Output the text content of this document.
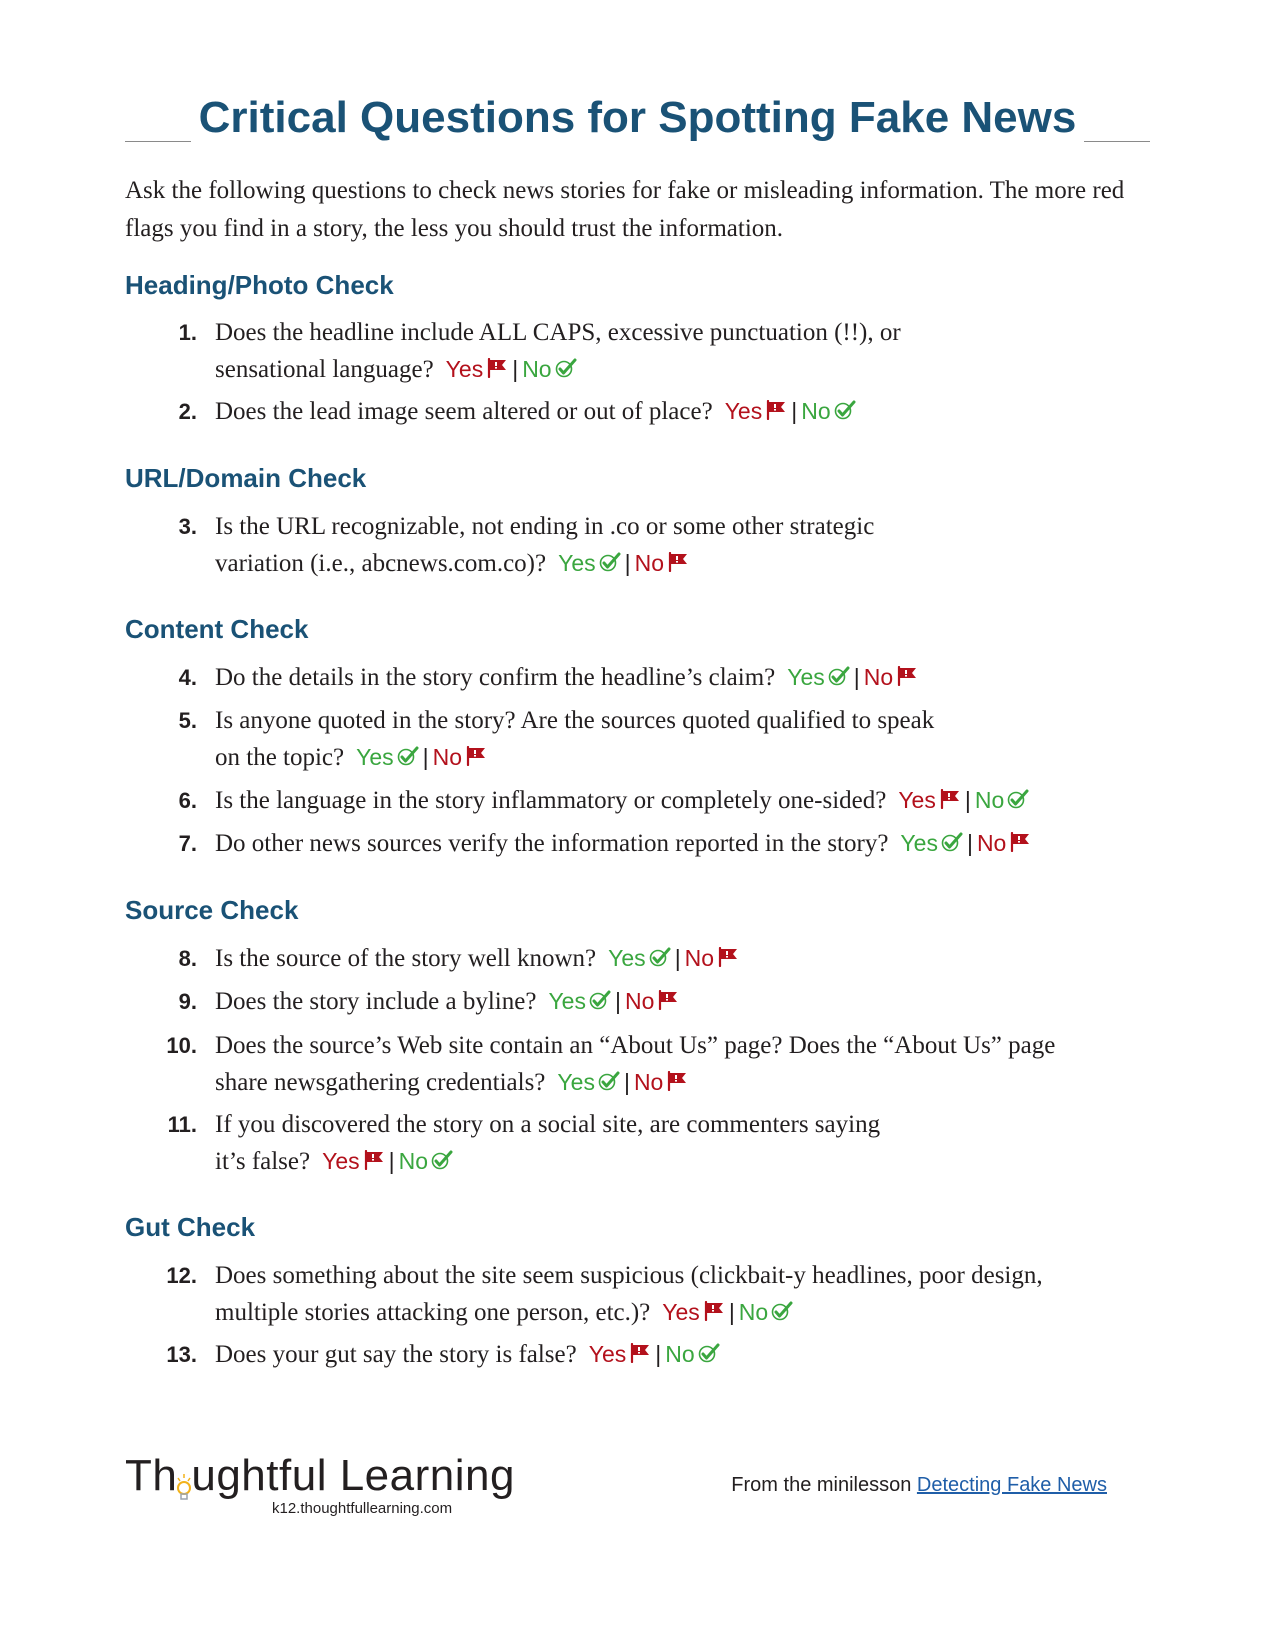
Critical Questions for Spotting Fake News
Ask the following questions to check news stories for fake or misleading information. The more red flags you find in a story, the less you should trust the information.
Heading/Photo Check
1. Does the headline include ALL CAPS, excessive punctuation (!!), or
sensational language? Yes | No
2. Does the lead image seem altered or out of place? Yes | No
URL/Domain Check
3. Is the URL recognizable, not ending in .co or some other strategic
variation (i.e., abcnews.com.co)? Yes | No
Content Check
4. Do the details in the story confirm the headline’s claim? Yes | No
5. Is anyone quoted in the story? Are the sources quoted qualified to speak
on the topic? Yes | No
6. Is the language in the story inflammatory or completely one-sided? Yes | No
7. Do other news sources verify the information reported in the story? Yes | No
Source Check
8. Is the source of the story well known? Yes | No
9. Does the story include a byline? Yes | No
10. Does the source’s Web site contain an “About Us” page? Does the “About Us” page
share newsgathering credentials? Yes | No
11. If you discovered the story on a social site, are commenters saying
it’s false? Yes | No
Gut Check
12. Does something about the site seem suspicious (clickbait-y headlines, poor design,
multiple stories attacking one person, etc.)? Yes | No
13. Does your gut say the story is false? Yes | No
Th ughtful Learning
k12.thoughtfullearning.com
From the minilesson Detecting Fake News
